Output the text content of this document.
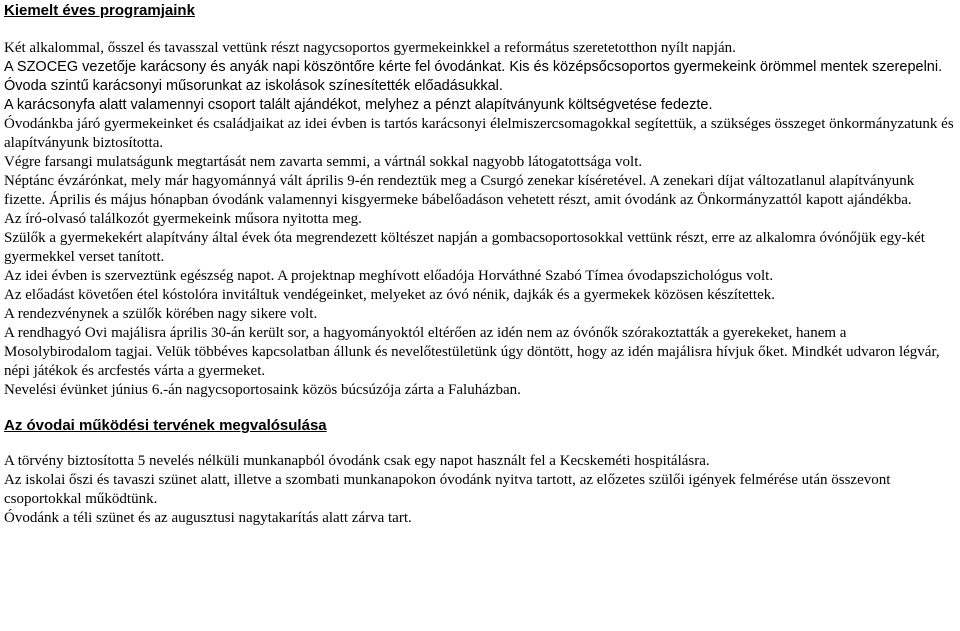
Kiemelt éves programjaink

Két alkalommal, ősszel és tavasszal vettünk részt nagycsoportos gyermekeinkkel a református szeretetotthon nyílt napján.

A SZOCEG vezetője karácsony és anyák napi köszöntőre kérte fel óvodánkat. Kis és középsőcsoportos gyermekeink örömmel mentek szerepelni.

Óvoda szintű karácsonyi műsorunkat az iskolások színesítették előadásukkal.

A karácsonyfa alatt valamennyi csoport talált ajándékot, melyhez a pénzt alapítványunk költségvetése fedezte.

Óvodánkba járó gyermekeinket és családjaikat az idei évben is tartós karácsonyi élelmiszercsomagokkal segítettük, a szükséges összeget önkormányzatunk és alapítványunk biztosította.

Végre farsangi mulatságunk megtartását nem zavarta semmi, a vártnál sokkal nagyobb látogatottsága volt.

Néptánc évzárónkat, mely már hagyománnyá vált április 9-én rendeztük meg a Csurgó zenekar kíséretével. A zenekari díjat változatlanul alapítványunk fizette. Április és május hónapban óvodánk valamennyi kisgyermeke bábelőadáson vehetett részt, amit óvodánk az Önkormányzattól kapott ajándékba.

Az író-olvasó találkozót gyermekeink műsora nyitotta meg.

Szülők a gyermekekért alapítvány által évek óta megrendezett költészet napján a gombacsoportosokkal vettünk részt, erre az alkalomra óvónőjük egy-két gyermekkel verset tanított.

Az idei évben is szerveztünk egészség napot. A projektnap meghívott előadója Horváthné Szabó Tímea óvodapszichológus volt.

Az előadást követően étel kóstolóra invitáltuk vendégeinket, melyeket az óvó nénik, dajkák és a gyermekek közösen készítettek.

A rendezvénynek a szülők körében nagy sikere volt.

A rendhagyó Ovi majálisra április 30-án került sor, a hagyományoktól eltérően az idén nem az óvónők szórakoztatták a gyerekeket, hanem a Mosolybirodalom tagjai. Velük többéves kapcsolatban állunk és nevelőtestületünk úgy döntött, hogy az idén majálisra hívjuk őket. Mindkét udvaron légvár, népi játékok és arcfestés várta a gyermeket.

Nevelési évünket június 6.-án nagycsoportosaink közös búcsúzója zárta a Faluházban.

Az óvodai működési tervének megvalósulása

A törvény biztosította 5 nevelés nélküli munkanapból óvodánk csak egy napot használt fel a Kecskeméti hospitálásra.

Az iskolai őszi és tavaszi szünet alatt, illetve a szombati munkanapokon óvodánk nyitva tartott, az előzetes szülői igények felmérése után összevont csoportokkal működtünk.

Óvodánk a téli szünet és az augusztusi nagytakarítás alatt zárva tart.
